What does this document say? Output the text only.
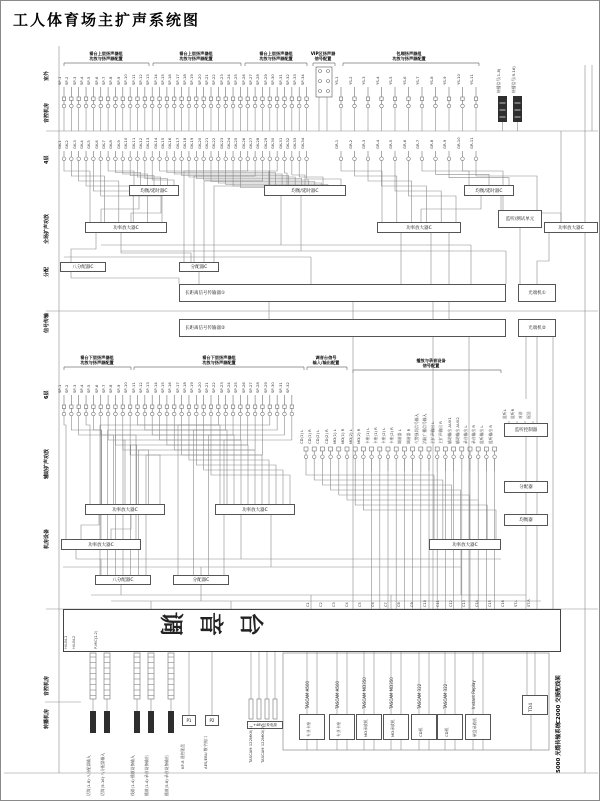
工人体育场主扩声系统图
室外
音控机房
4层
全场扩声功放
分配
信号传输
6层
辅助扩声功放
机房设备
音控机房
转播机房
看台上层扬声器组
功放与扬声器配置
看台上层扬声器组
功放与扬声器配置
看台上层扬声器组
功放与扬声器配置
VIP区扬声器
信号配置
包厢扬声器组
功放与扬声器配置
看台下层扬声器组
功放与扬声器配置
看台下层扬声器组
功放与扬声器配置
调音台信号
输入/输出配置	播放与录音设备
信号配置
SP-1 SP-2 SP-3 SP-4 SP-5 SP-6 SP-7 SP-8 SP-9 SP-10 SP-11 SP-12 SP-13 SP-14 SP-15 SP-16 SP-17 SP-18 SP-19 SP-20 SP-21 SP-22 SP-23 SP-24 SP-25 SP-26 SP-27 SP-28 SP-29 SP-30 SP-31 SP-32 SP-33 SP-34	YS-1 YS-2 YS-3 YS-4 YS-5 YS-6 YS-7 YS-8 YS-9 YS-10 YS-11
GK-1 GK-2 GK-3 GK-4 GK-5 GK-6 GK-7 GK-8 GK-9 GK-10 GK-11 GK-12 GK-13 GK-14 GK-15 GK-16 GK-17 GK-18 GK-19 GK-20 GK-21 GK-22 GK-23 GK-24 GK-25 GK-26 GK-27 GK-28 GK-29 GK-30 GK-31 GK-32 GK-33 GK-34	GR-1 GR-2 GR-3 GR-4 GR-5 GR-6 GR-7 GR-8 GR-9 GR-10 GR-11
SP-1 SP-2 SP-3 SP-4 SP-5 SP-6 SP-7 SP-8 SP-9 SP-10 SP-11 SP-12 SP-13 SP-14 SP-15 SP-16 SP-17 SP-18 SP-19 SP-20 SP-21 SP-22 SP-23 SP-24 SP-25 SP-26 SP-27 SP-28 SP-29 SP-30 SP-31 SP-32
CD(1) L CD(1) R CD(2) L CD(2) R MD(1) L MD(1) R MD(2) L MD(2) R 卡座(1) L 卡座(1) R 卡座(2) L 卡座(2) R 调谐器 L 调谐器 R 火警强切信号输入 消防广播信号输入 主扩声输出 L 主扩声输出 R 辅助输出 AUX1 辅助输出 AUX2 录音输出 L 录音输出 R 监听输出 L 监听输出 R
均衡/延时器C	均衡/延时器C	均衡/延时器C
功率放大器C	功率放大器C	功率放大器C
监听/测试单元
八分配器C	分配器C
长距离信号传输器①	光端机①
长距离信号传输器②	光端机②
功率放大器C	功率放大器C
功率放大器C	功率放大器C
八分配器C	分配器C
监听控制器
分配器
均衡器
转播信号(1-8)	转播信号(9-16)
调 音 台
H4-IN-1 H4-IN-2	P-MIC(1-2)
C1	C2	C3	C4	C5	C6	C7	C8	C9	C10	C11	C12	C13	C14	C15	C16	ST-L	ST-R
TASCAM A500
专业卡座
TASCAM A500
专业卡座
TASCAM MD350
MD录放机
TASCAM MD350
MD录放机
TASCAM 322
CD机
TASCAM 322
CD机
Instant Replay
硬盘录放机
TD4
话筒(1-8)·八分配器输入 话筒(9-16)·八分配器输入	线路(1-4)·播放设备输入 播放(1-4)·录音设备输出	播放(5-8)·录音设备输出
+48V幻象电源
TASCAM 122MKII(1) TASCAM 122MKII(2)
P1
KP-8 遥控键盘
P2
AES/EBU 数字接口
监听L 监听R 对讲 返送
C2000 交接配线架
5000 光缆传输系统
